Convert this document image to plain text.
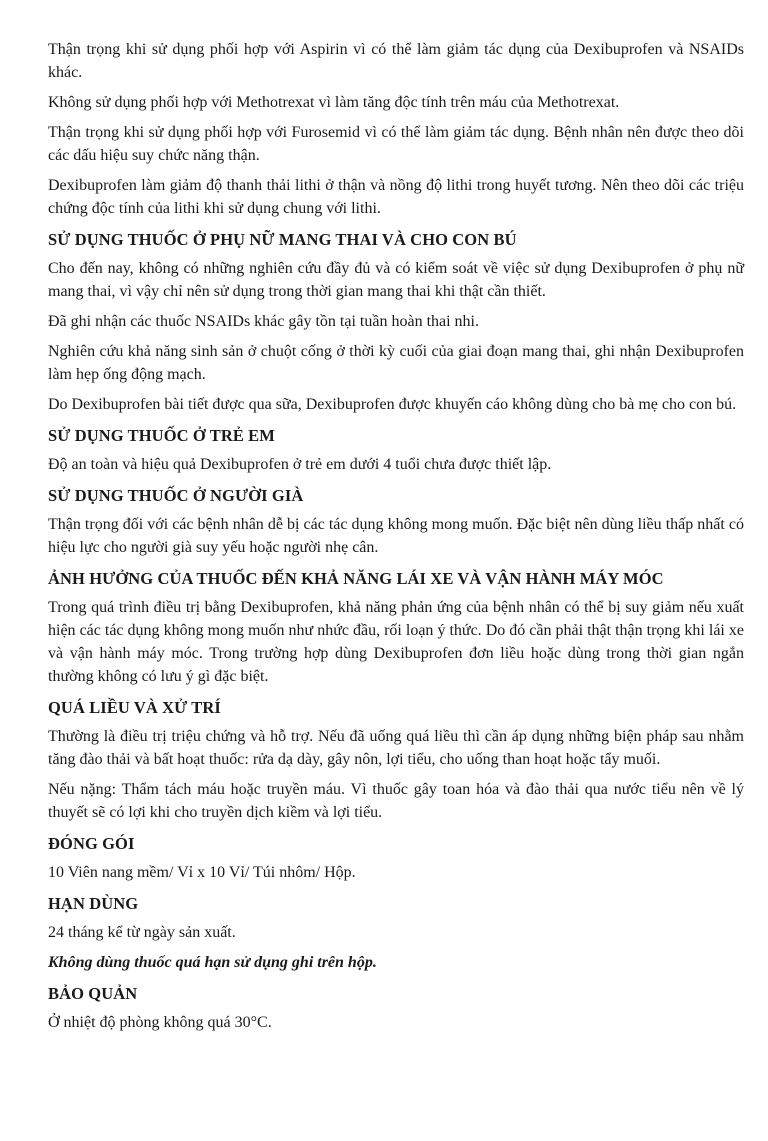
Thận trọng khi sử dụng phối hợp với Aspirin vì có thể làm giảm tác dụng của Dexibuprofen và NSAIDs khác.

Không sử dụng phối hợp với Methotrexat vì làm tăng độc tính trên máu của Methotrexat.

Thận trọng khi sử dụng phối hợp với Furosemid vì có thể làm giảm tác dụng. Bệnh nhân nên được theo dõi các dấu hiệu suy chức năng thận.

Dexibuprofen làm giảm độ thanh thải lithi ở thận và nồng độ lithi trong huyết tương. Nên theo dõi các triệu chứng độc tính của lithi khi sử dụng chung với lithi.

SỬ DỤNG THUỐC Ở PHỤ NỮ MANG THAI VÀ CHO CON BÚ

Cho đến nay, không có những nghiên cứu đầy đủ và có kiểm soát về việc sử dụng Dexibuprofen ở phụ nữ mang thai, vì vậy chỉ nên sử dụng trong thời gian mang thai khi thật cần thiết.

Đã ghi nhận các thuốc NSAIDs khác gây tồn tại tuần hoàn thai nhi.

Nghiên cứu khả năng sinh sản ở chuột cống ở thời kỳ cuối của giai đoạn mang thai, ghi nhận Dexibuprofen làm hẹp ống động mạch.

Do Dexibuprofen bài tiết được qua sữa, Dexibuprofen được khuyến cáo không dùng cho bà mẹ cho con bú.

SỬ DỤNG THUỐC Ở TRẺ EM

Độ an toàn và hiệu quả Dexibuprofen ở trẻ em dưới 4 tuổi chưa được thiết lập.

SỬ DỤNG THUỐC Ở NGƯỜI GIÀ

Thận trọng đối với các bệnh nhân dễ bị các tác dụng không mong muốn. Đặc biệt nên dùng liều thấp nhất có hiệu lực cho người già suy yếu hoặc người nhẹ cân.

ẢNH HƯỞNG CỦA THUỐC ĐẾN KHẢ NĂNG LÁI XE VÀ VẬN HÀNH MÁY MÓC

Trong quá trình điều trị bằng Dexibuprofen, khả năng phản ứng của bệnh nhân có thể bị suy giảm nếu xuất hiện các tác dụng không mong muốn như nhức đầu, rối loạn ý thức. Do đó cần phải thật thận trọng khi lái xe và vận hành máy móc. Trong trường hợp dùng Dexibuprofen đơn liều hoặc dùng trong thời gian ngắn thường không có lưu ý gì đặc biệt.

QUÁ LIỀU VÀ XỬ TRÍ

Thường là điều trị triệu chứng và hỗ trợ. Nếu đã uống quá liều thì cần áp dụng những biện pháp sau nhằm tăng đào thải và bất hoạt thuốc: rửa dạ dày, gây nôn, lợi tiểu, cho uống than hoạt hoặc tẩy muối.

Nếu nặng: Thẩm tách máu hoặc truyền máu. Vì thuốc gây toan hóa và đào thải qua nước tiểu nên về lý thuyết sẽ có lợi khi cho truyền dịch kiềm và lợi tiểu.

ĐÓNG GÓI

10 Viên nang mềm/ Vỉ x 10 Vỉ/ Túi nhôm/ Hộp.

HẠN DÙNG

24 tháng kể từ ngày sản xuất.

Không dùng thuốc quá hạn sử dụng ghi trên hộp.

BẢO QUẢN

Ở nhiệt độ phòng không quá 30°C.
